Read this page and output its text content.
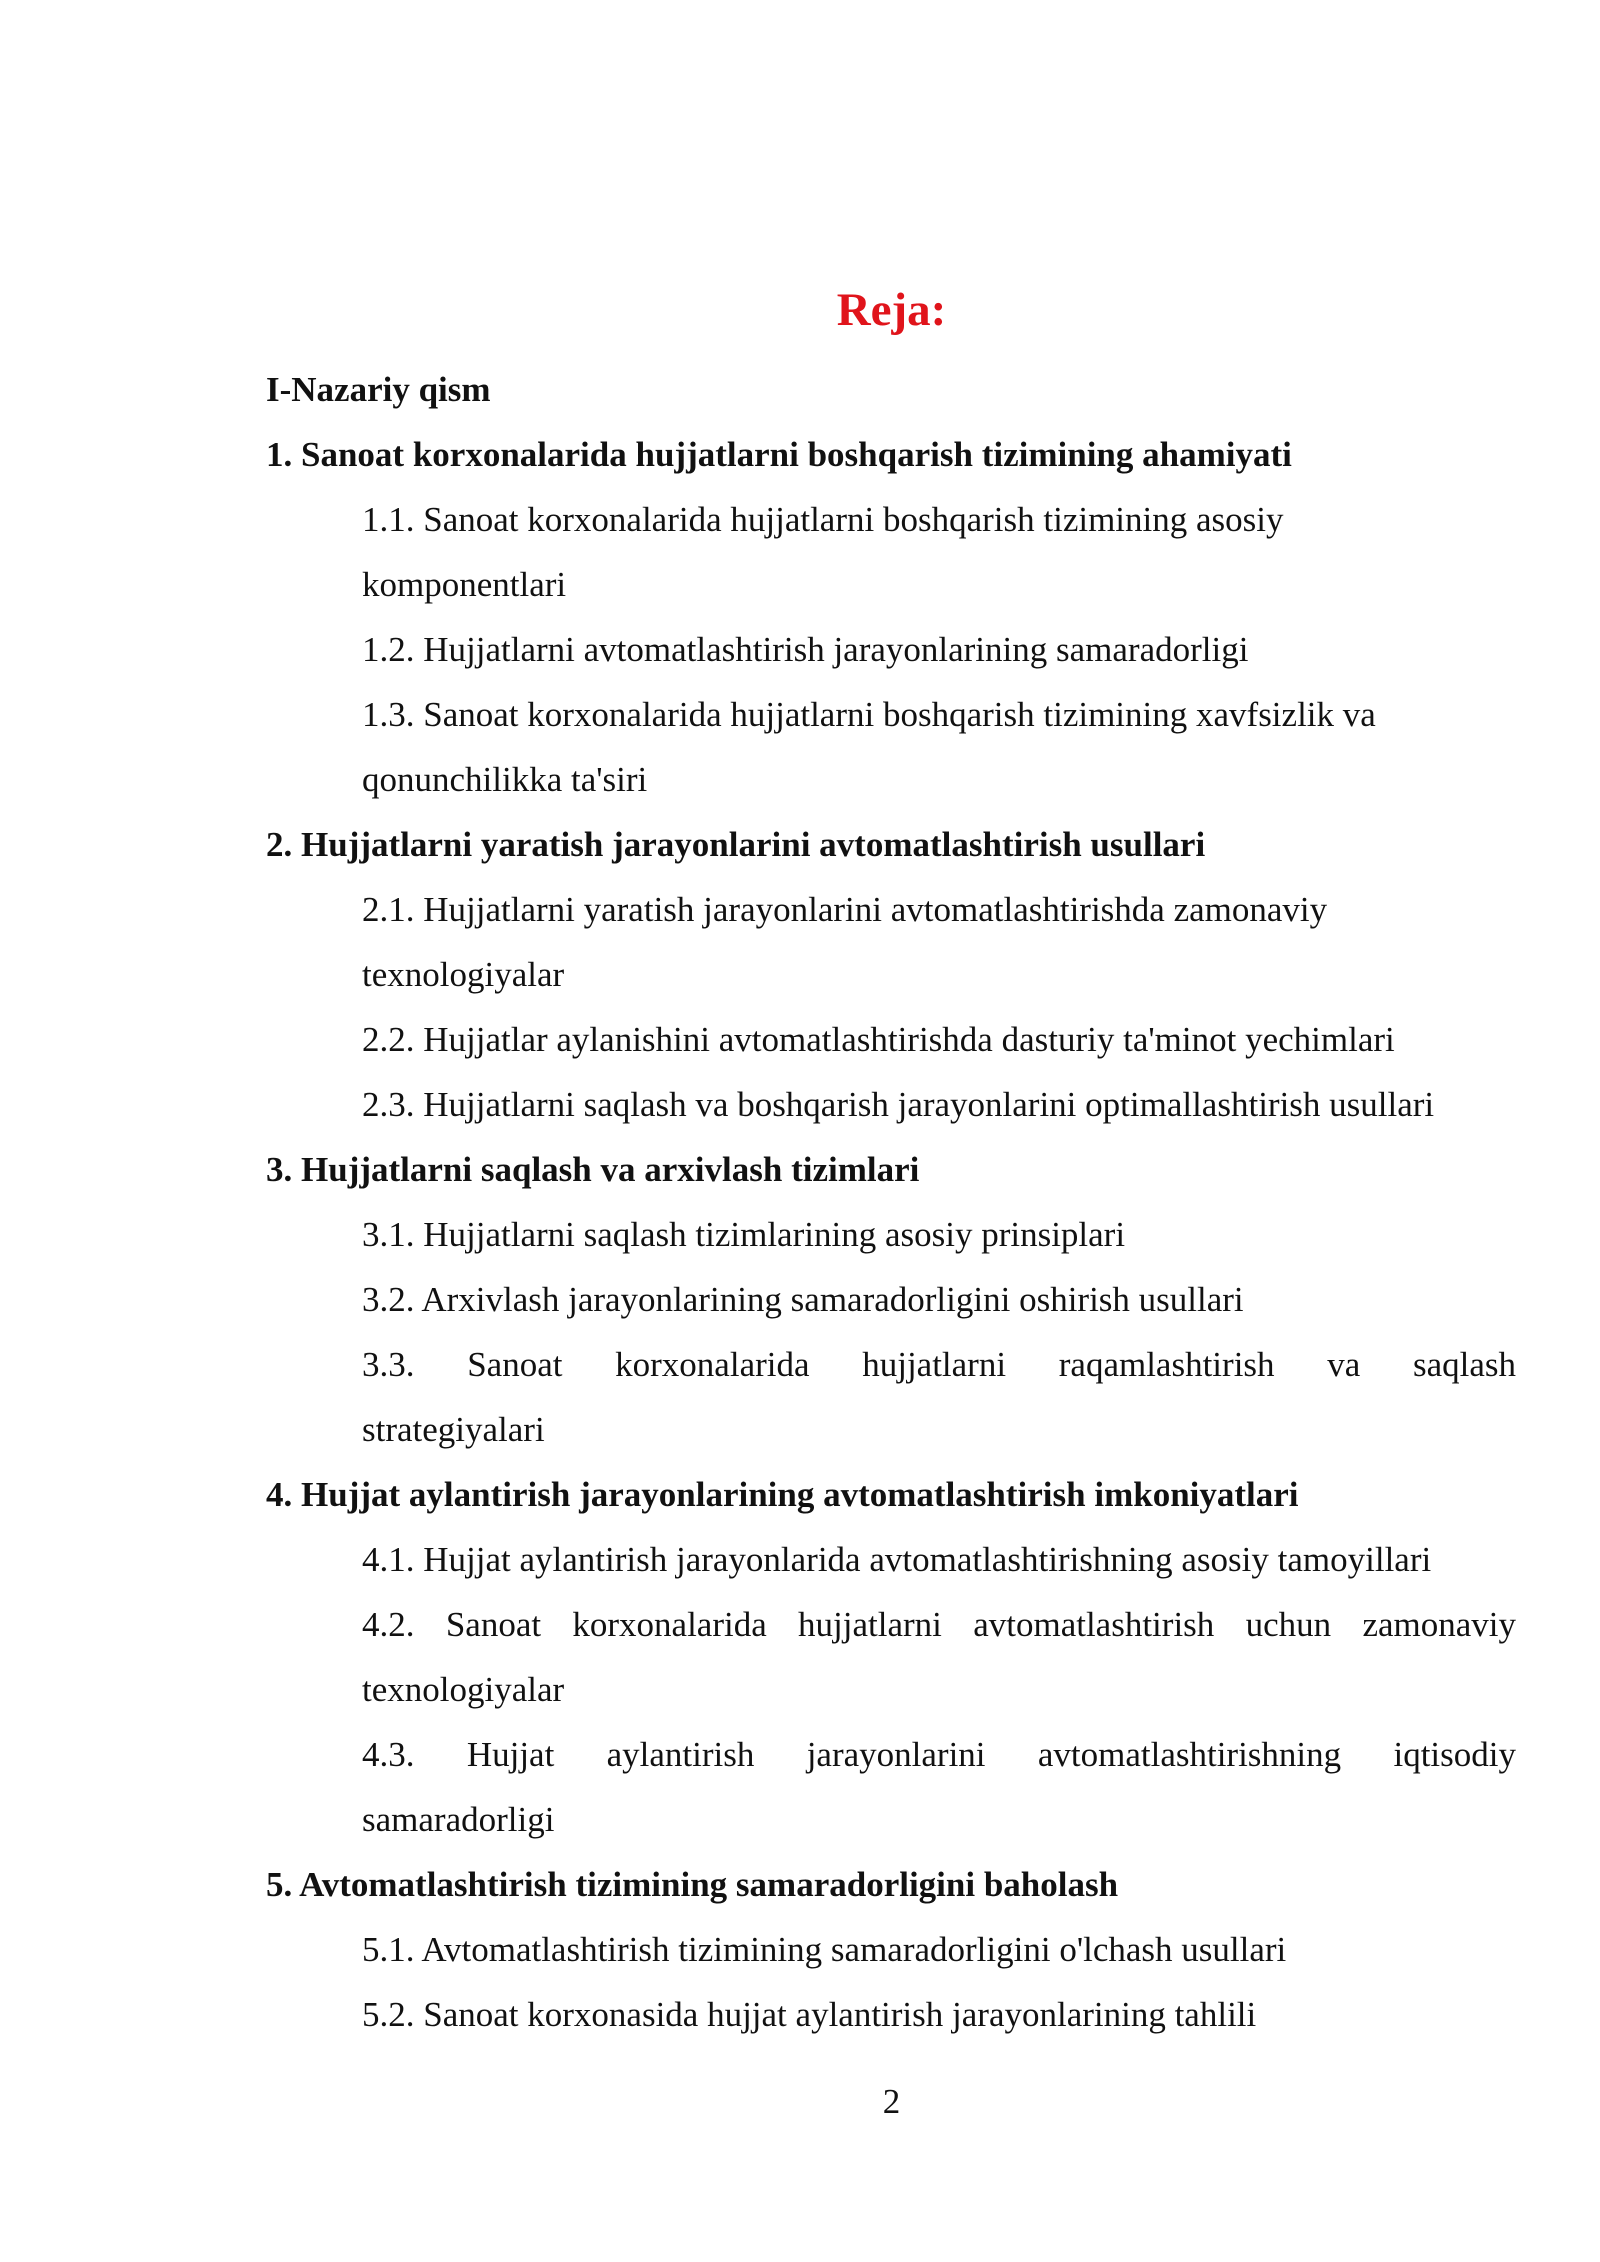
Reja:

I-Nazariy qism

1. Sanoat korxonalarida hujjatlarni boshqarish tizimining ahamiyati

1.1. Sanoat korxonalarida hujjatlarni boshqarish tizimining asosiy
komponentlari
1.2. Hujjatlarni avtomatlashtirish jarayonlarining samaradorligi
1.3. Sanoat korxonalarida hujjatlarni boshqarish tizimining xavfsizlik va
qonunchilikka ta'siri

2. Hujjatlarni yaratish jarayonlarini avtomatlashtirish usullari

2.1. Hujjatlarni yaratish jarayonlarini avtomatlashtirishda zamonaviy
texnologiyalar
2.2. Hujjatlar aylanishini avtomatlashtirishda dasturiy ta'minot yechimlari
2.3. Hujjatlarni saqlash va boshqarish jarayonlarini optimallashtirish usullari

3. Hujjatlarni saqlash va arxivlash tizimlari

3.1. Hujjatlarni saqlash tizimlarining asosiy prinsiplari
3.2. Arxivlash jarayonlarining samaradorligini oshirish usullari
3.3. Sanoat korxonalarida hujjatlarni raqamlashtirish va saqlash
strategiyalari

4. Hujjat aylantirish jarayonlarining avtomatlashtirish imkoniyatlari

4.1. Hujjat aylantirish jarayonlarida avtomatlashtirishning asosiy tamoyillari
4.2. Sanoat korxonalarida hujjatlarni avtomatlashtirish uchun zamonaviy
texnologiyalar
4.3. Hujjat aylantirish jarayonlarini avtomatlashtirishning iqtisodiy
samaradorligi

5. Avtomatlashtirish tizimining samaradorligini baholash

5.1. Avtomatlashtirish tizimining samaradorligini o'lchash usullari
5.2. Sanoat korxonasida hujjat aylantirish jarayonlarining tahlili
2
